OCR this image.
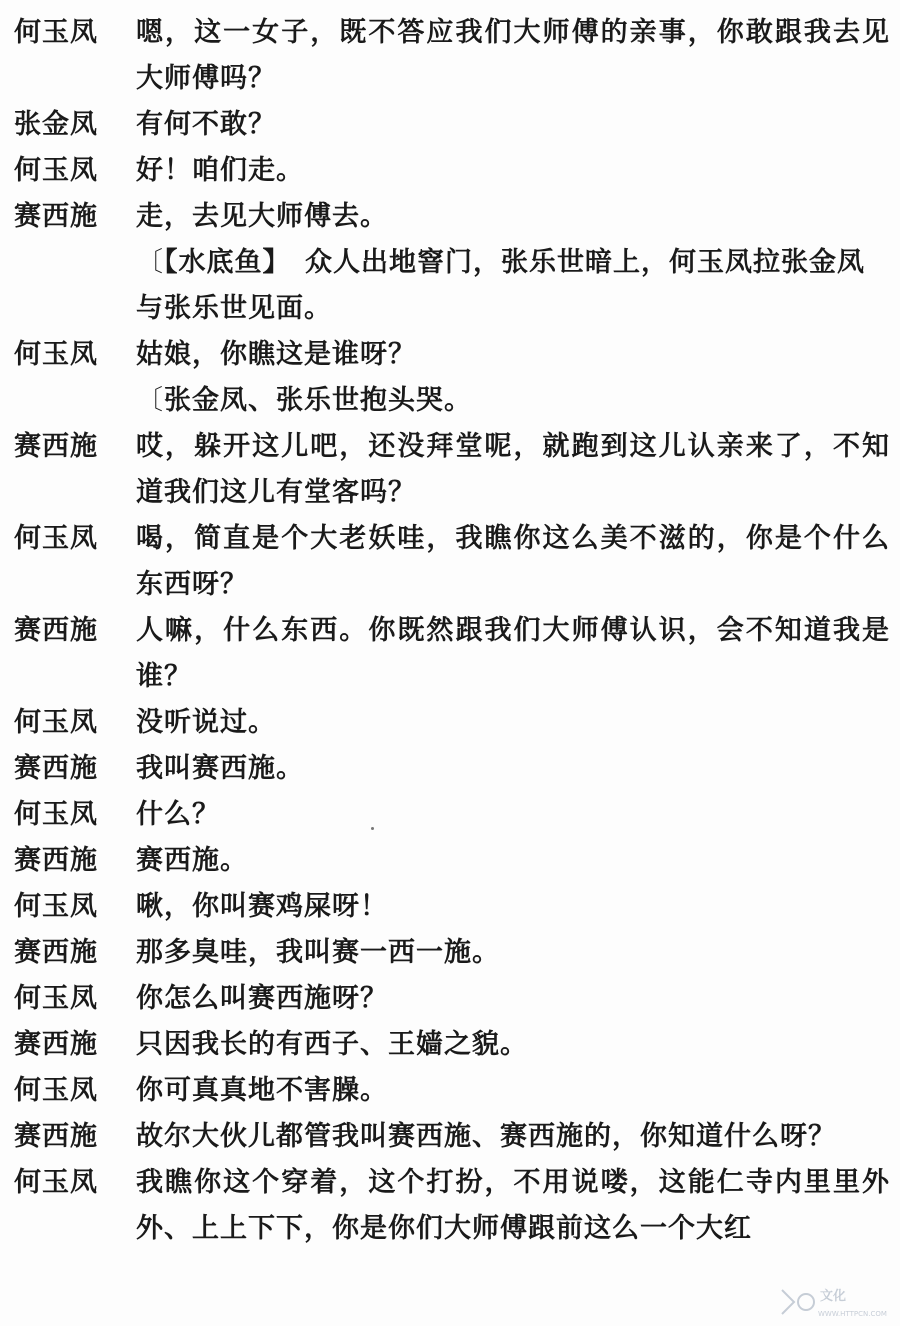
何玉凤	嗯，这一女子，既不答应我们大师傅的亲事，你敢跟我去见大师傅吗？
张金凤	有何不敢？
何玉凤	好！咱们走。
赛西施	走，去见大师傅去。
〔【水底鱼】　 众人出地窨门，张乐世暗上，何玉凤拉张金凤与张乐世见面。
何玉凤	姑娘，你瞧这是谁呀？
〔张金凤、张乐世抱头哭。
赛西施	哎，躲开这儿吧，还没拜堂呢，就跑到这儿认亲来了，不知道我们这儿有堂客吗？
何玉凤	喝，简直是个大老妖哇，我瞧你这么美不滋的，你是个什么东西呀？
赛西施	人嘛，什么东西。你既然跟我们大师傅认识，会不知道我是谁？
何玉凤	没听说过。
赛西施	我叫赛西施。
何玉凤	什么？
赛西施	赛西施。
何玉凤	啾，你叫赛鸡屎呀！
赛西施	那多臭哇，我叫赛一西一施。
何玉凤	你怎么叫赛西施呀？
赛西施	只因我长的有西子、王嫱之貌。
何玉凤	你可真真地不害臊。
赛西施	故尔大伙儿都管我叫赛西施、赛西施的，你知道什么呀？
何玉凤	我瞧你这个穿着，这个打扮，不用说喽，这能仁寺内里里外外、上上下下，你是你们大师傅跟前这么一个大红
文化
WWW.HTTPCN.COM
